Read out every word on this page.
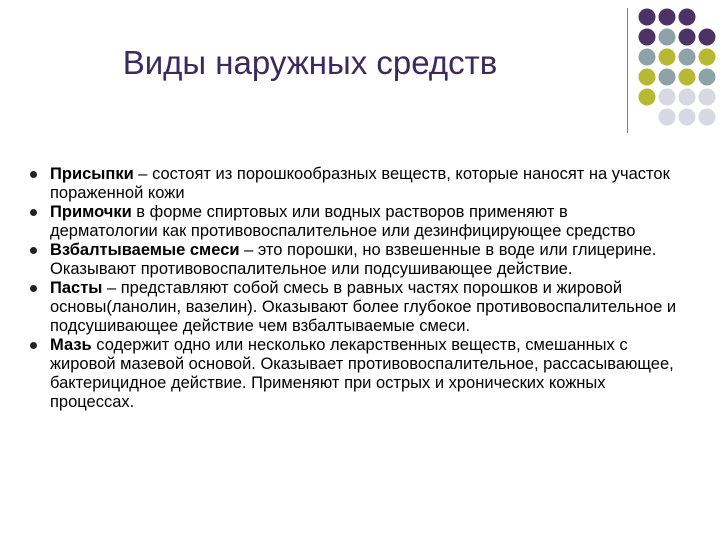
Виды наружных средств

Присыпки – состоят из порошкообразных веществ, которые наносят на участок пораженной кожи

Примочки в форме спиртовых или водных растворов применяют в дерматологии как противовоспалительное или дезинфицирующее средство

Взбалтываемые смеси – это порошки, но взвешенные в воде или глицерине. Оказывают противовоспалительное или подсушивающее действие.

Пасты – представляют собой смесь в равных частях порошков и жировой основы(ланолин, вазелин). Оказывают более глубокое противовоспалительное и подсушивающее действие чем взбалтываемые смеси.

Мазь содержит одно или несколько лекарственных веществ, смешанных с жировой мазевой основой. Оказывает противовоспалительное, рассасывающее, бактерицидное действие. Применяют при острых и хронических кожных процессах.
